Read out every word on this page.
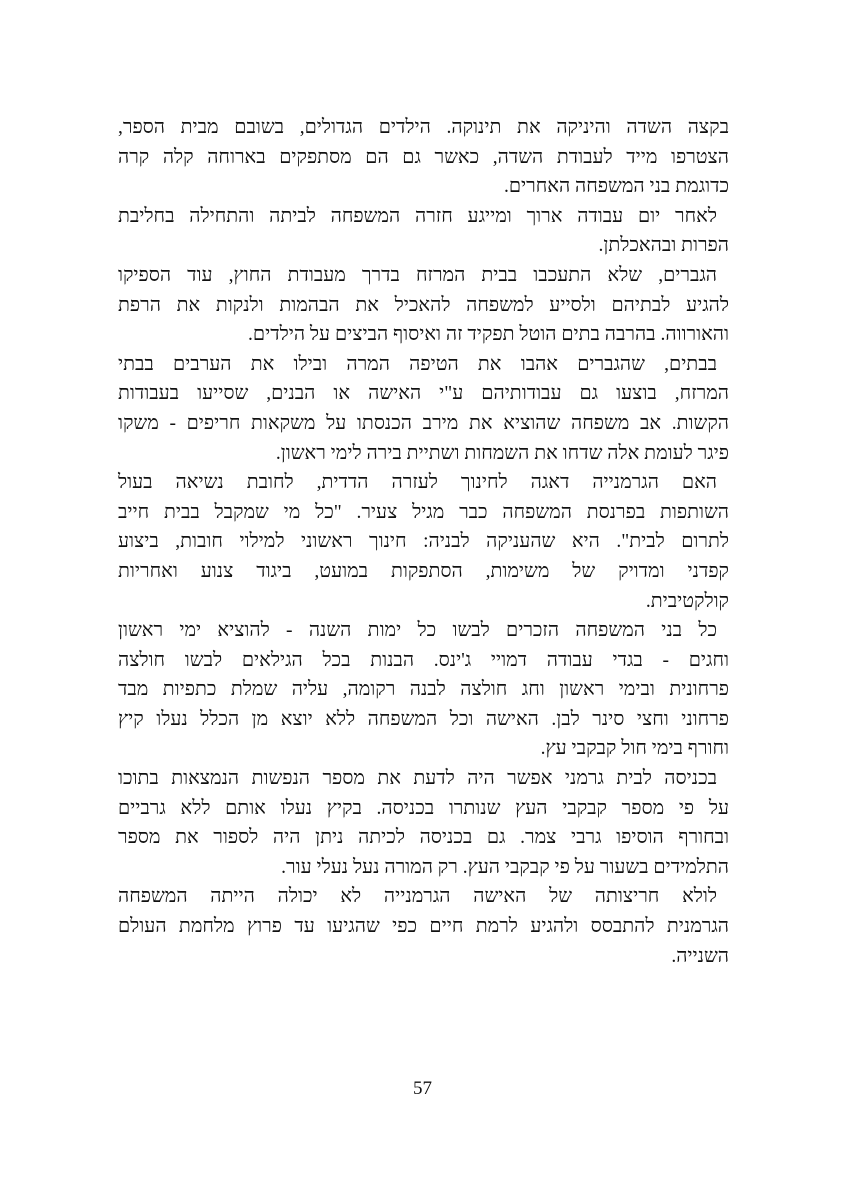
בקצה השדה והיניקה את תינוקה. הילדים הגדולים, בשובם מבית הספר,
הצטרפו מייד לעבודת השדה, כאשר גם הם מסתפקים בארוחה קלה קרה
כדוגמת בני המשפחה האחרים.
לאחר יום עבודה ארוך ומייגע חזרה המשפחה לביתה והתחילה בחליבת
הפרות ובהאכלתן.
הגברים, שלא התעכבו בבית המרזח בדרך מעבודת החוץ, עוד הספיקו
להגיע לבתיהם ולסייע למשפחה להאכיל את הבהמות ולנקות את הרפת
והאורווה. בהרבה בתים הוטל תפקיד זה ואיסוף הביצים על הילדים.
בבתים, שהגברים אהבו את הטיפה המרה ובילו את הערבים בבתי
המרזח, בוצעו גם עבודותיהם ע"י האישה או הבנים, שסייעו בעבודות
הקשות. אב משפחה שהוציא את מירב הכנסתו על משקאות חריפים - משקו
פיגר לעומת אלה שדחו את השמחות ושתיית בירה לימי ראשון.
האם הגרמנייה דאגה לחינוך לעזרה הדדית, לחובת נשיאה בעול
השותפות בפרנסת המשפחה כבר מגיל צעיר. "כל מי שמקבל בבית חייב
לתרום לבית". היא שהעניקה לבניה: חינוך ראשוני למילוי חובות, ביצוע
קפדני ומדויק של משימות, הסתפקות במועט, ביגוד צנוע ואחריות
קולקטיבית.
כל בני המשפחה הזכרים לבשו כל ימות השנה - להוציא ימי ראשון
וחגים - בגדי עבודה דמויי ג'ינס. הבנות בכל הגילאים לבשו חולצה
פרחונית ובימי ראשון וחג חולצה לבנה רקומה, עליה שמלת כתפיות מבד
פרחוני וחצי סינר לבן. האישה וכל המשפחה ללא יוצא מן הכלל נעלו קיץ
וחורף בימי חול קבקבי עץ.
בכניסה לבית גרמני אפשר היה לדעת את מספר הנפשות הנמצאות בתוכו
על פי מספר קבקבי העץ שנותרו בכניסה. בקיץ נעלו אותם ללא גרביים
ובחורף הוסיפו גרבי צמר. גם בכניסה לכיתה ניתן היה לספור את מספר
התלמידים בשעור על פי קבקבי העץ. רק המורה נעל נעלי עור.
לולא חריצותה של האישה הגרמנייה לא יכולה הייתה המשפחה
הגרמנית להתבסס ולהגיע לרמת חיים כפי שהגיעו עד פרוץ מלחמת העולם
השנייה.
57
